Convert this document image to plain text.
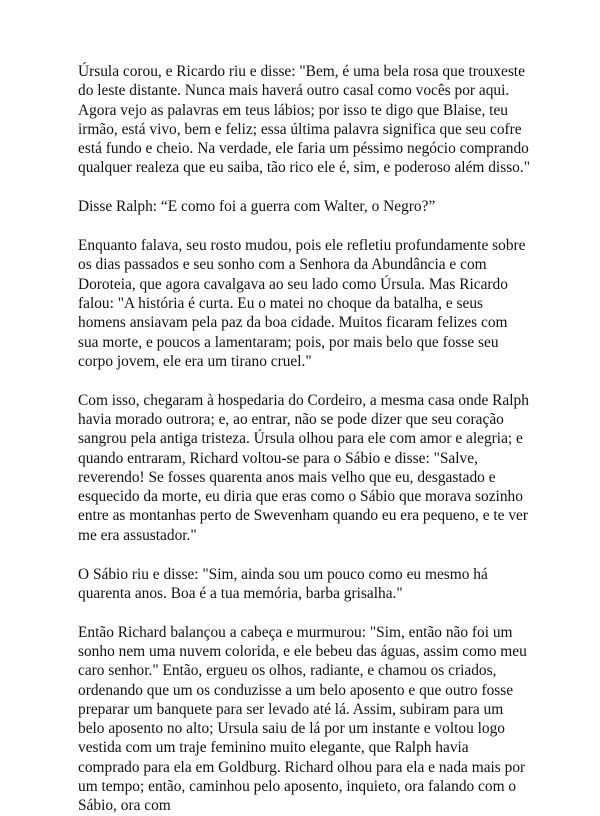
Úrsula corou, e Ricardo riu e disse: "Bem, é uma bela rosa que trouxeste do leste distante. Nunca mais haverá outro casal como vocês por aqui. Agora vejo as palavras em teus lábios; por isso te digo que Blaise, teu irmão, está vivo, bem e feliz; essa última palavra significa que seu cofre está fundo e cheio. Na verdade, ele faria um péssimo negócio comprando qualquer realeza que eu saiba, tão rico ele é, sim, e poderoso além disso."

Disse Ralph: “E como foi a guerra com Walter, o Negro?”

Enquanto falava, seu rosto mudou, pois ele refletiu profundamente sobre os dias passados e seu sonho com a Senhora da Abundância e com Doroteia, que agora cavalgava ao seu lado como Úrsula. Mas Ricardo falou: "A história é curta. Eu o matei no choque da batalha, e seus homens ansiavam pela paz da boa cidade. Muitos ficaram felizes com sua morte, e poucos a lamentaram; pois, por mais belo que fosse seu corpo jovem, ele era um tirano cruel."

Com isso, chegaram à hospedaria do Cordeiro, a mesma casa onde Ralph havia morado outrora; e, ao entrar, não se pode dizer que seu coração sangrou pela antiga tristeza. Úrsula olhou para ele com amor e alegria; e quando entraram, Richard voltou-se para o Sábio e disse: "Salve, reverendo! Se fosses quarenta anos mais velho que eu, desgastado e esquecido da morte, eu diria que eras como o Sábio que morava sozinho entre as montanhas perto de Swevenham quando eu era pequeno, e te ver me era assustador."

O Sábio riu e disse: "Sim, ainda sou um pouco como eu mesmo há quarenta anos. Boa é a tua memória, barba grisalha."

Então Richard balançou a cabeça e murmurou: "Sim, então não foi um sonho nem uma nuvem colorida, e ele bebeu das águas, assim como meu caro senhor." Então, ergueu os olhos, radiante, e chamou os criados, ordenando que um os conduzisse a um belo aposento e que outro fosse preparar um banquete para ser levado até lá. Assim, subiram para um belo aposento no alto; Ursula saiu de lá por um instante e voltou logo vestida com um traje feminino muito elegante, que Ralph havia comprado para ela em Goldburg. Richard olhou para ela e nada mais por um tempo; então, caminhou pelo aposento, inquieto, ora falando com o Sábio, ora com
